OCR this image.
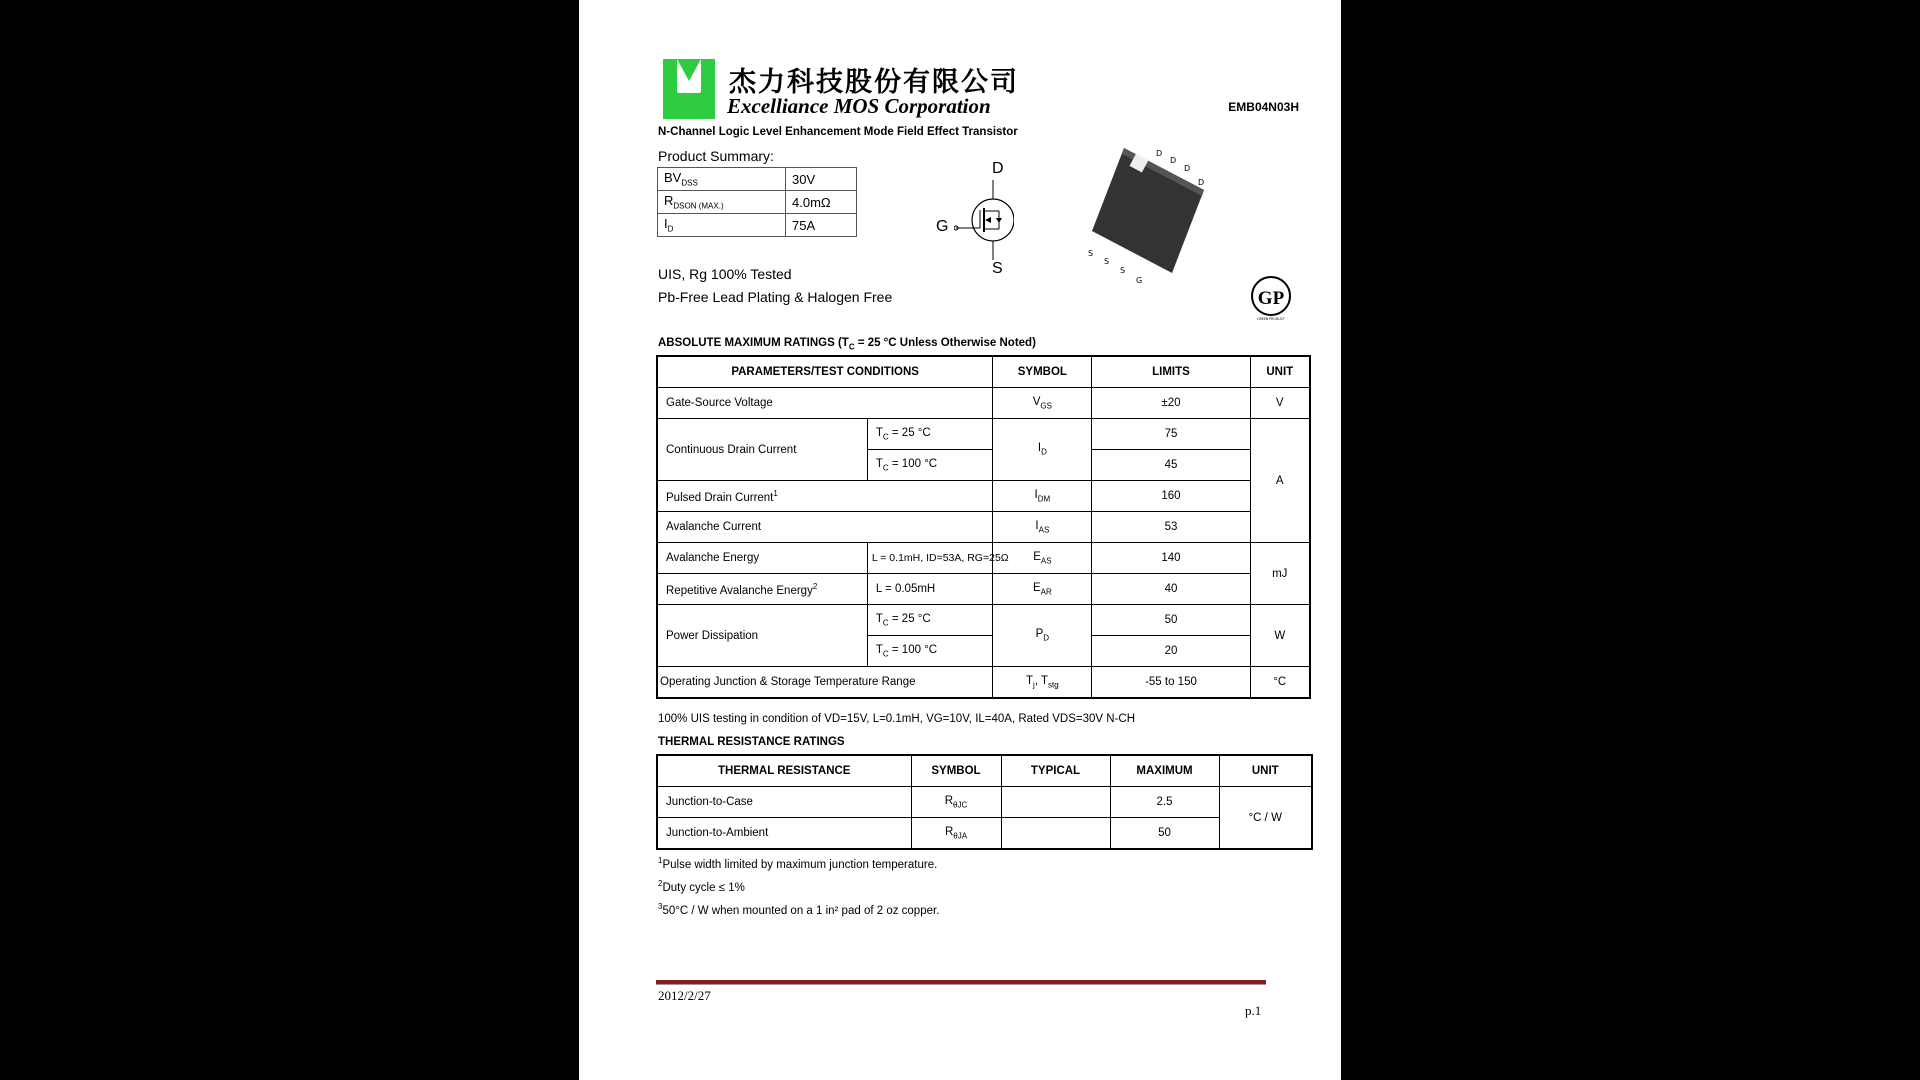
杰力科技股份有限公司
Excelliance MOS Corporation	EMB04N03H
N-Channel Logic Level Enhancement Mode Field Effect Transistor
Product Summary:
$BV_{DSS}$	30V
$R_{DSON (MAX.)}$	4.0mΩ
$I_D$	75A
D
G
S
D
D
D
D
S
S
S
G
UIS, Rg 100% Tested
Pb-Free Lead Plating & Halogen Free	GP
GREEN PRODUCT
ABSOLUTE MAXIMUM RATINGS ($T_C = 25$ °C Unless Otherwise Noted)
PARAMETERS/TEST CONDITIONS		SYMBOL	LIMITS	UNIT
Gate-Source Voltage		$V_{GS}$	±20	V
Continuous Drain Current	$T_C = 25$ °C	$I_D$	75	A
	$T_C = 100$ °C		45	
Pulsed Drain Current$^1$		$I_{DM}$	160	
Avalanche Current		$I_{AS}$	53	
Avalanche Energy	L = 0.1mH, ID=53A, RG=25Ω	$E_{AS}$	140	mJ
Repetitive Avalanche Energy$^2$	L = 0.05mH	$E_{AR}$	40	
Power Dissipation	$T_C = 25$ °C	$P_D$	50	W
	$T_C = 100$ °C		20	
Operating Junction & Storage Temperature Range		$T_j$, $T_{stg}$	-55 to 150	°C
100% UIS testing in condition of VD=15V, L=0.1mH, VG=10V, IL=40A, Rated VDS=30V N-CH
THERMAL RESISTANCE RATINGS
THERMAL RESISTANCE	SYMBOL	TYPICAL	MAXIMUM	UNIT
Junction-to-Case	$R_{\theta JC}$		2.5	°C / W
Junction-to-Ambient	$R_{\theta JA}$		50	
$^1$Pulse width limited by maximum junction temperature.
$^2$Duty cycle ≤ 1%
$^3$50°C / W when mounted on a 1 in² pad of 2 oz copper.
2012/2/27
p.1
